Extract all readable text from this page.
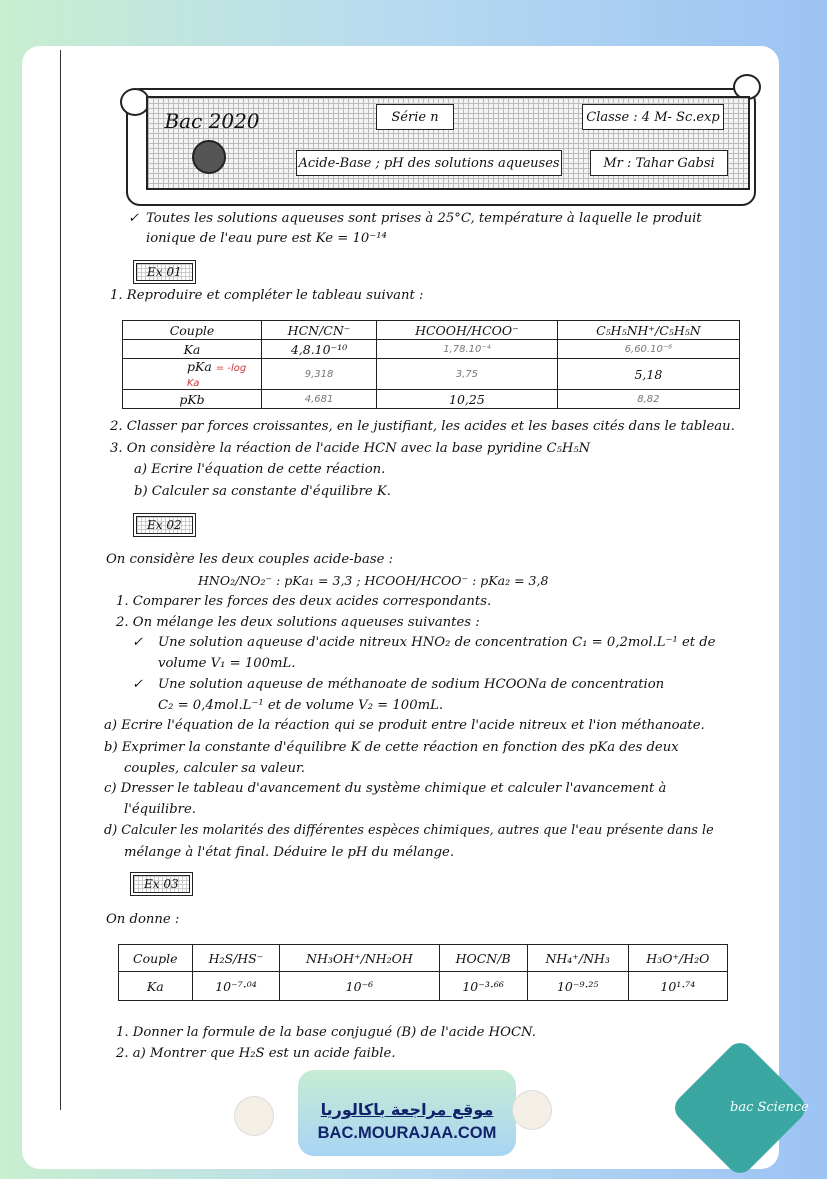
Bac 2020	Série n	Classe : 4 M- Sc.exp
Acide-Base ; pH des solutions aqueuses	Mr : Tahar Gabsi
✓ Toutes les solutions aqueuses sont prises à 25°C, température à laquelle le produit
ionique de l'eau pure est Ke = 10⁻¹⁴
Ex 01
1. Reproduire et compléter le tableau suivant :
Couple	HCN/CN⁻	HCOOH/HCOO⁻	C₅H₅NH⁺/C₅H₅N
Ka	4,8.10⁻¹⁰	1,78.10⁻⁴	6,60.10⁻⁶
pKa = -log Ka	9,318	3,75	5,18
pKb	4,681	10,25	8,82
2. Classer par forces croissantes, en le justifiant, les acides et les bases cités dans le tableau.
3. On considère la réaction de l'acide HCN avec la base pyridine C₅H₅N
a) Ecrire l'équation de cette réaction.
b) Calculer sa constante d'équilibre K.
Ex 02
On considère les deux couples acide-base :
HNO₂/NO₂⁻ : pKa₁ = 3,3 ; HCOOH/HCOO⁻ : pKa₂ = 3,8
1. Comparer les forces des deux acides correspondants.
2. On mélange les deux solutions aqueuses suivantes :
✓ Une solution aqueuse d'acide nitreux HNO₂ de concentration C₁ = 0,2mol.L⁻¹ et de
volume V₁ = 100mL.
✓ Une solution aqueuse de méthanoate de sodium HCOONa de concentration
C₂ = 0,4mol.L⁻¹ et de volume V₂ = 100mL.
a) Ecrire l'équation de la réaction qui se produit entre l'acide nitreux et l'ion méthanoate.
b) Exprimer la constante d'équilibre K de cette réaction en fonction des pKa des deux
couples, calculer sa valeur.
c) Dresser le tableau d'avancement du système chimique et calculer l'avancement à
l'équilibre.
d) Calculer les molarités des différentes espèces chimiques, autres que l'eau présente dans le
mélange à l'état final. Déduire le pH du mélange.
Ex 03
On donne :
Couple	H₂S/HS⁻	NH₃OH⁺/NH₂OH	HOCN/B	NH₄⁺/NH₃	H₃O⁺/H₂O
Ka	10⁻⁷·⁰⁴	10⁻⁶	10⁻³·⁶⁶	10⁻⁹·²⁵	10¹·⁷⁴
1. Donner la formule de la base conjugué (B) de l'acide HOCN.
2. a) Montrer que H₂S est un acide faible.
موقع مراجعة باكالوريا
BAC.MOURAJAA.COM
b
bac Science
